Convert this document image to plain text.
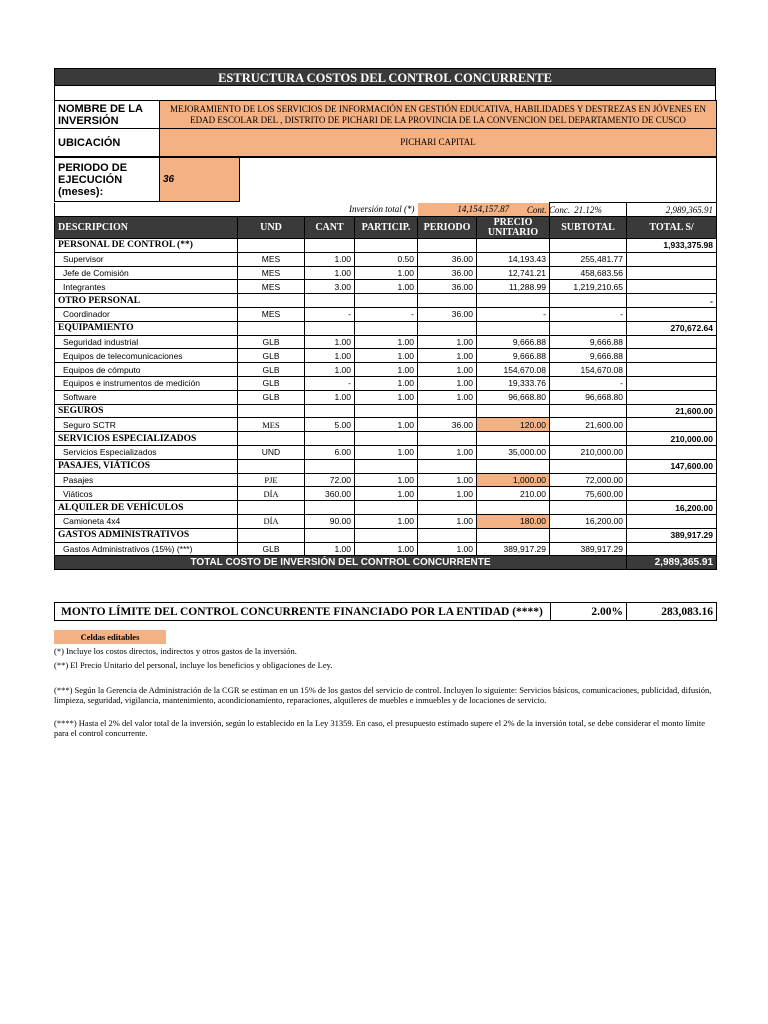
ESTRUCTURA COSTOS DEL CONTROL CONCURRENTE
NOMBRE DE LA INVERSIÓN	MEJORAMIENTO DE LOS SERVICIOS DE INFORMACIÓN EN GESTIÓN EDUCATIVA, HABILIDADES Y DESTREZAS EN JÓVENES EN EDAD ESCOLAR DEL , DISTRITO DE PICHARI DE LA PROVINCIA DE LA CONVENCION DEL DEPARTAMENTO DE CUSCO
UBICACIÓN	PICHARI CAPITAL
PERIODO DE EJECUCIÓN (meses):	36	
	Inversión total (*)			14,154,157.87		Cont. Conc. 21.12%	2,989,365.91
DESCRIPCION	UND	CANT	PARTICIP.	PERIODO	PRECIO UNITARIO	SUBTOTAL	TOTAL S/
PERSONAL DE CONTROL (**)							1,933,375.98
Supervisor	MES	1.00	0.50	36.00	14,193.43	255,481.77	
Jefe de Comisión	MES	1.00	1.00	36.00	12,741.21	458,683.56	
Integrantes	MES	3.00	1.00	36.00	11,288.99	1,219,210.65	
OTRO PERSONAL							-
Coordinador	MES	-	-	36.00	-	-	
EQUIPAMIENTO							270,672.64
Seguridad industrial	GLB	1.00	1.00	1.00	9,666.88	9,666.88	
Equipos de telecomunicaciones	GLB	1.00	1.00	1.00	9,666.88	9,666.88	
Equipos de cómputo	GLB	1.00	1.00	1.00	154,670.08	154,670.08	
Equipos e instrumentos de medición	GLB	-	1.00	1.00	19,333.76	-	
Software	GLB	1.00	1.00	1.00	96,668.80	96,668.80	
SEGUROS							21,600.00
Seguro SCTR	MES	5.00	1.00	36.00	120.00	21,600.00	
SERVICIOS ESPECIALIZADOS							210,000.00
Servicios Especializados	UND	6.00	1.00	1.00	35,000.00	210,000.00	
PASAJES, VIÁTICOS							147,600.00
Pasajes	PJE	72.00	1.00	1.00	1,000.00	72,000.00	
Viáticos	DÍA	360.00	1.00	1.00	210.00	75,600.00	
ALQUILER DE VEHÍCULOS							16,200.00
Camioneta 4x4	DÍA	90.00	1.00	1.00	180.00	16,200.00	
GASTOS ADMINISTRATIVOS							389,917.29
Gastos Administrativos (15%) (***)	GLB	1.00	1.00	1.00	389,917.29	389,917.29	
TOTAL COSTO DE INVERSIÓN DEL CONTROL CONCURRENTE							2,989,365.91
MONTO LÍMITE DEL CONTROL CONCURRENTE FINANCIADO POR LA ENTIDAD (****)	2.00%	283,083.16
Celdas editables
(*) Incluye los costos directos, indirectos y otros gastos de la inversión.
(**) El Precio Unitario del personal, incluye los beneficios y obligaciones de Ley.
(***) Según la Gerencia de Administración de la CGR se estiman en un 15% de los gastos del servicio de control. Incluyen lo siguiente: Servicios básicos, comunicaciones, publicidad, difusión, limpieza, seguridad, vigilancia, mantenimiento, acondicionamiento, reparaciones, alquileres de muebles e inmuebles y de locaciones de servicio.
(****) Hasta el 2% del valor total de la inversión, según lo establecido en la Ley 31359. En caso, el presupuesto estimado supere el 2% de la inversión total, se debe considerar el monto límite para el control concurrente.
